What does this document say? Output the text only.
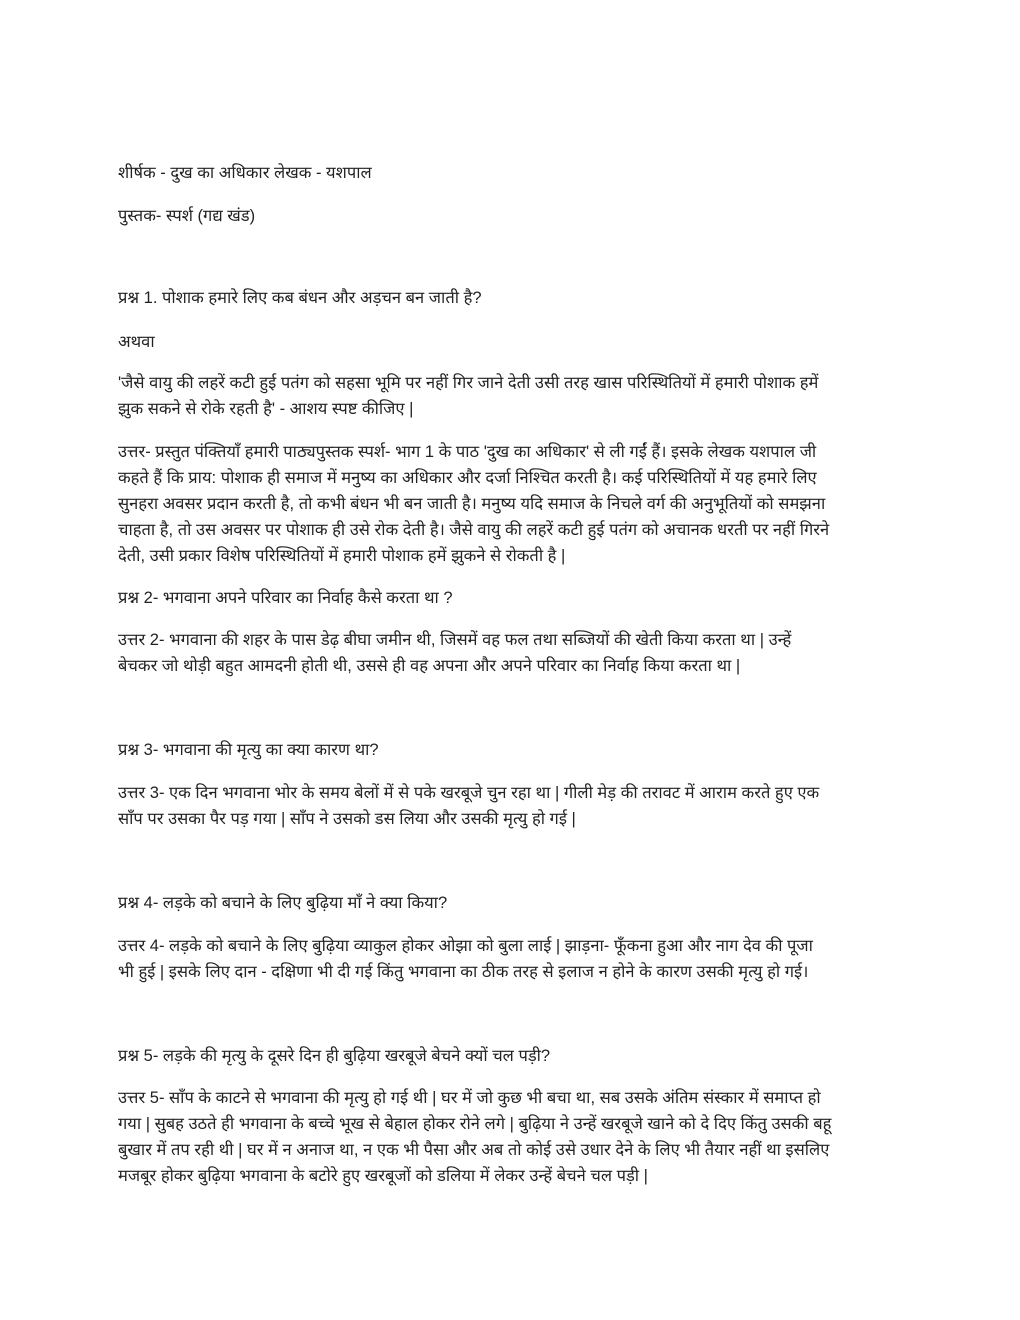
शीर्षक - दुख का अधिकार लेखक - यशपाल
पुस्तक- स्पर्श (गद्य खंड)
प्रश्न 1. पोशाक हमारे लिए कब बंधन और अड़चन बन जाती है?
अथवा
'जैसे वायु की लहरें कटी हुई पतंग को सहसा भूमि पर नहीं गिर जाने देती उसी तरह खास परिस्थितियों में हमारी पोशाक हमें
झुक सकने से रोके रहती है' - आशय स्पष्ट कीजिए |
उत्तर- प्रस्तुत पंक्तियाँ हमारी पाठ्यपुस्तक स्पर्श- भाग 1 के पाठ 'दुख का अधिकार' से ली गईं हैं। इसके लेखक यशपाल जी
कहते हैं कि प्राय: पोशाक ही समाज में मनुष्य का अधिकार और दर्जा निश्चित करती है। कई परिस्थितियों में यह हमारे लिए
सुनहरा अवसर प्रदान करती है, तो कभी बंधन भी बन जाती है। मनुष्य यदि समाज के निचले वर्ग की अनुभूतियों को समझना
चाहता है, तो उस अवसर पर पोशाक ही उसे रोक देती है। जैसे वायु की लहरें कटी हुई पतंग को अचानक धरती पर नहीं गिरने
देती, उसी प्रकार विशेष परिस्थितियों में हमारी पोशाक हमें झुकने से रोकती है |
प्रश्न 2- भगवाना अपने परिवार का निर्वाह कैसे करता था ?
उत्तर 2- भगवाना की शहर के पास डेढ़ बीघा जमीन थी, जिसमें वह फल तथा सब्जियों की खेती किया करता था | उन्हें
बेचकर जो थोड़ी बहुत आमदनी होती थी, उससे ही वह अपना और अपने परिवार का निर्वाह किया करता था |
प्रश्न 3- भगवाना की मृत्यु का क्या कारण था?
उत्तर 3- एक दिन भगवाना भोर के समय बेलों में से पके खरबूजे चुन रहा था | गीली मेड़ की तरावट में आराम करते हुए एक
साँप पर उसका पैर पड़ गया | साँप ने उसको डस लिया और उसकी मृत्यु हो गई |
प्रश्न 4- लड़के को बचाने के लिए बुढ़िया माँ ने क्या किया?
उत्तर 4- लड़के को बचाने के लिए बुढ़िया व्याकुल होकर ओझा को बुला लाई | झाड़ना- फूँकना हुआ और नाग देव की पूजा
भी हुई | इसके लिए दान - दक्षिणा भी दी गई किंतु भगवाना का ठीक तरह से इलाज न होने के कारण उसकी मृत्यु हो गई।
प्रश्न 5- लड़के की मृत्यु के दूसरे दिन ही बुढ़िया खरबूजे बेचने क्यों चल पड़ी?
उत्तर 5- साँप के काटने से भगवाना की मृत्यु हो गई थी | घर में जो कुछ भी बचा था, सब उसके अंतिम संस्कार में समाप्त हो
गया | सुबह उठते ही भगवाना के बच्चे भूख से बेहाल होकर रोने लगे | बुढ़िया ने उन्हें खरबूजे खाने को दे दिए किंतु उसकी बहू
बुखार में तप रही थी | घर में न अनाज था, न एक भी पैसा और अब तो कोई उसे उधार देने के लिए भी तैयार नहीं था इसलिए
मजबूर होकर बुढ़िया भगवाना के बटोरे हुए खरबूजों को डलिया में लेकर उन्हें बेचने चल पड़ी |
